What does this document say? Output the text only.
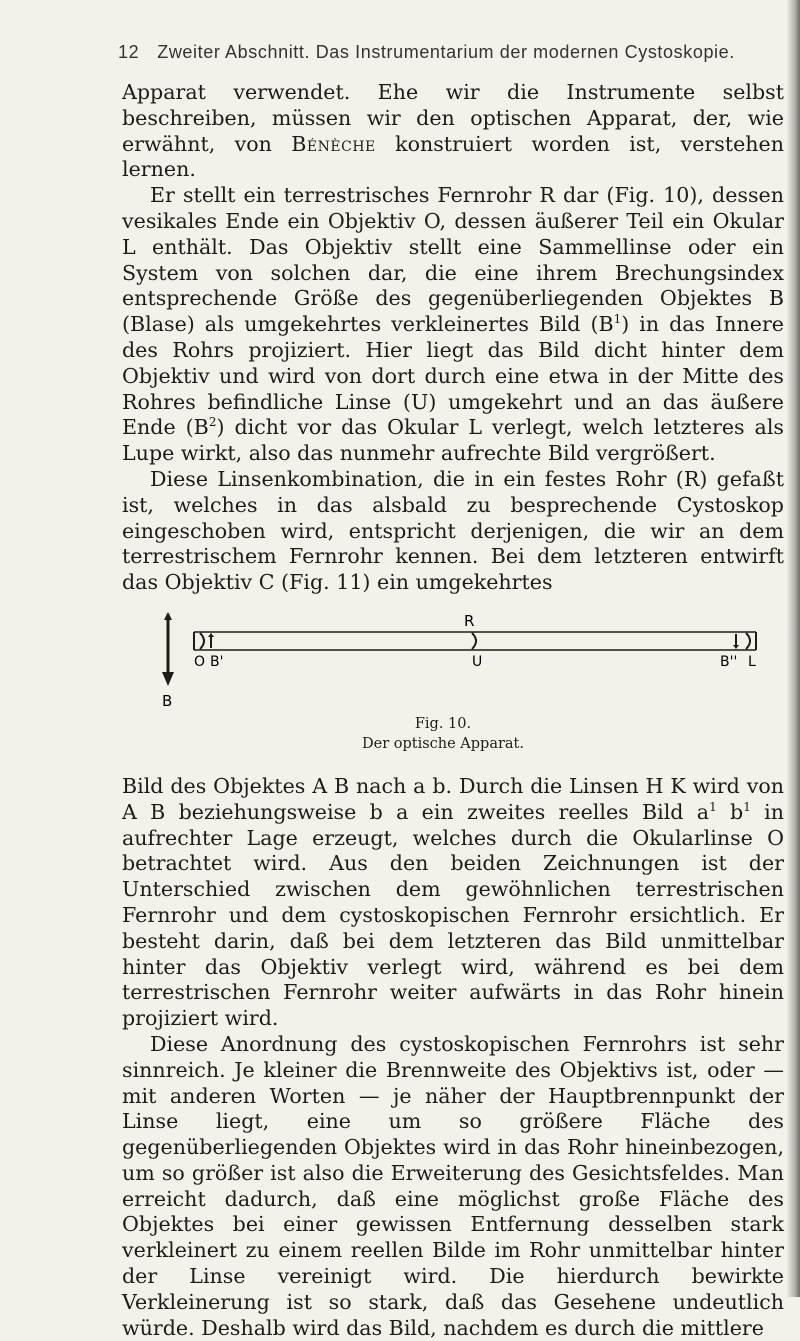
12 Zweiter Abschnitt. Das Instrumentarium der modernen Cystoskopie.

Apparat verwendet. Ehe wir die Instrumente selbst beschreiben, müssen wir den optischen Apparat, der, wie erwähnt, von Bénèche konstruiert worden ist, verstehen lernen.

Er stellt ein terrestrisches Fernrohr R dar (Fig. 10), dessen vesikales Ende ein Objektiv O, dessen äußerer Teil ein Okular L enthält. Das Objektiv stellt eine Sammellinse oder ein System von solchen dar, die eine ihrem Brechungsindex entsprechende Größe des gegenüberliegenden Objektes B (Blase) als umgekehrtes verkleinertes Bild $(B^1)$ in das Innere des Rohrs projiziert. Hier liegt das Bild dicht hinter dem Objektiv und wird von dort durch eine etwa in der Mitte des Rohres befindliche Linse (U) umgekehrt und an das äußere Ende $(B^2)$ dicht vor das Okular L verlegt, welch letzteres als Lupe wirkt, also das nunmehr aufrechte Bild vergrößert.

Diese Linsenkombination, die in ein festes Rohr (R) gefaßt ist, welches in das alsbald zu besprechende Cystoskop eingeschoben wird, entspricht derjenigen, die wir an dem terrestrischem Fernrohr kennen. Bei dem letzteren entwirft das Objektiv C (Fig. 11) ein umgekehrtes

R
O B'	U	B'' L
B
Fig. 10.
Der optische Apparat.

Bild des Objektes A B nach a b. Durch die Linsen H K wird von A B beziehungsweise b a ein zweites reelles Bild $a^1$ $b^1$ in aufrechter Lage erzeugt, welches durch die Okularlinse O betrachtet wird. Aus den beiden Zeichnungen ist der Unterschied zwischen dem gewöhnlichen terrestrischen Fernrohr und dem cystoskopischen Fernrohr ersichtlich. Er besteht darin, daß bei dem letzteren das Bild unmittelbar hinter das Objektiv verlegt wird, während es bei dem terrestrischen Fernrohr weiter aufwärts in das Rohr hinein projiziert wird.

Diese Anordnung des cystoskopischen Fernrohrs ist sehr sinnreich. Je kleiner die Brennweite des Objektivs ist, oder — mit anderen Worten — je näher der Hauptbrennpunkt der Linse liegt, eine um so größere Fläche des gegenüberliegenden Objektes wird in das Rohr hineinbezogen, um so größer ist also die Erweiterung des Gesichtsfeldes. Man erreicht dadurch, daß eine möglichst große Fläche des Objektes bei einer gewissen Entfernung desselben stark verkleinert zu einem reellen Bilde im Rohr unmittelbar hinter der Linse vereinigt wird. Die hierdurch bewirkte Verkleinerung ist so stark, daß das Gesehene undeutlich würde. Deshalb wird das Bild, nachdem es durch die mittlere
